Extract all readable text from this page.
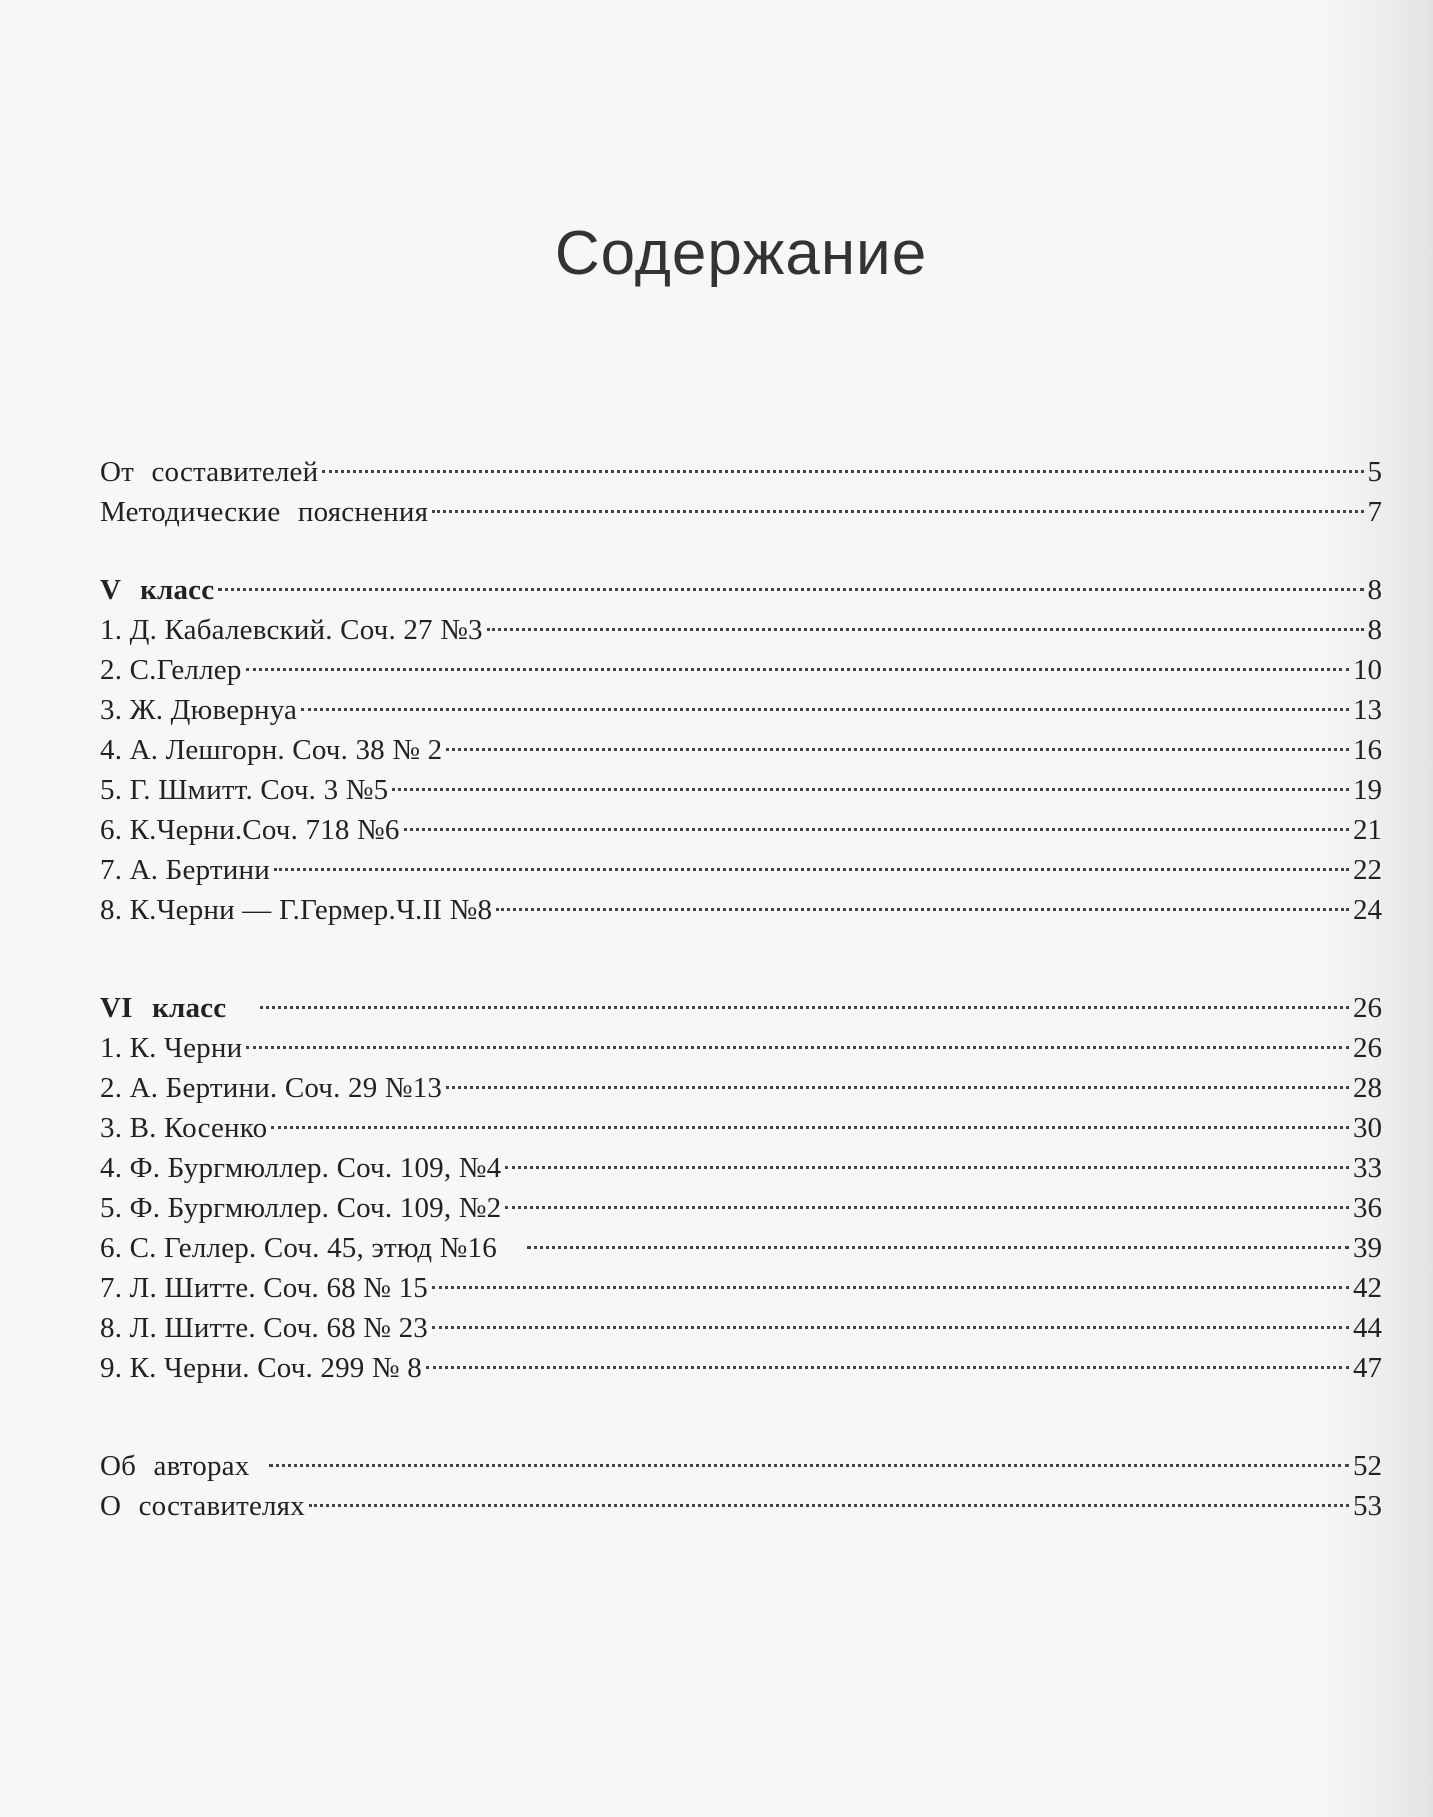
Содержание
От составителей	5
Методические пояснения	7
V класс	8
1. Д. Кабалевский. Соч. 27 №3	8
2. С.Геллер	10
3. Ж. Дювернуа	13
4. А. Лешгорн. Соч. 38 № 2	16
5. Г. Шмитт. Соч. 3 №5	19
6. К.Черни.Соч. 718 №6	21
7. А. Бертини	22
8. К.Черни — Г.Гермер.Ч.II №8	24
VI класс	26
1. К. Черни	26
2. А. Бертини. Соч. 29 №13	28
3. В. Косенко	30
4. Ф. Бургмюллер. Соч. 109, №4	33
5. Ф. Бургмюллер. Соч. 109, №2	36
6. С. Геллер. Соч. 45, этюд №16	39
7. Л. Шитте. Соч. 68 № 15	42
8. Л. Шитте. Соч. 68 № 23	44
9. К. Черни. Соч. 299 № 8	47
Об авторах	52
О составителях	53
